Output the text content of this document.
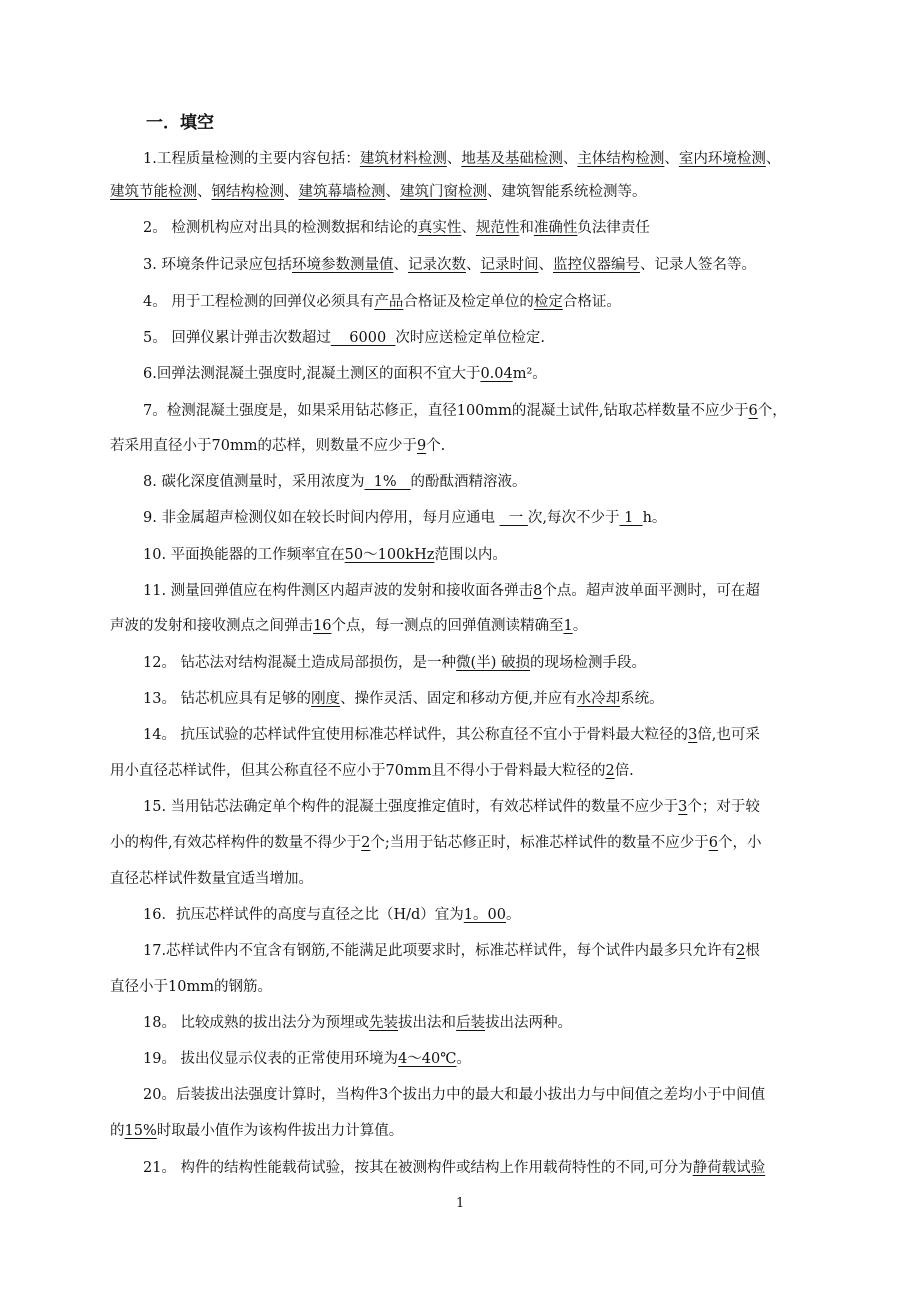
一．填空
1.工程质量检测的主要内容包括：建筑材料检测、地基及基础检测、主体结构检测、室内环境检测、
建筑节能检测、钢结构检测、建筑幕墙检测、建筑门窗检测、建筑智能系统检测等。
2。 检测机构应对出具的检测数据和结论的真实性、规范性和准确性负法律责任
3. 环境条件记录应包括环境参数测量值、记录次数、记录时间、监控仪器编号、记录人签名等。
4。 用于工程检测的回弹仪必须具有产品合格证及检定单位的检定合格证。
5。 回弹仪累计弹击次数超过    6000  次时应送检定单位检定.
6.回弹法测混凝土强度时,混凝土测区的面积不宜大于0.04m²。
7。检测混凝土强度是，如果采用钻芯修正，直径100mm的混凝土试件,钻取芯样数量不应少于6个，
若采用直径小于70mm的芯样，则数量不应少于9个.
8. 碳化深度值测量时，采用浓度为  1%   的酚酞酒精溶液。
9. 非金属超声检测仪如在较长时间内停用，每月应通电   一 次,每次不少于 1  h。
10. 平面换能器的工作频率宜在50～100kHz范围以内。
11. 测量回弹值应在构件测区内超声波的发射和接收面各弹击8个点。超声波单面平测时，可在超
声波的发射和接收测点之间弹击16个点，每一测点的回弹值测读精确至1。
12。 钻芯法对结构混凝土造成局部损伤，是一种微(半) 破损的现场检测手段。
13。 钻芯机应具有足够的刚度、操作灵活、固定和移动方便,并应有水冷却系统。
14。 抗压试验的芯样试件宜使用标准芯样试件，其公称直径不宜小于骨料最大粒径的3倍,也可采
用小直径芯样试件，但其公称直径不应小于70mm且不得小于骨料最大粒径的2倍.
15. 当用钻芯法确定单个构件的混凝土强度推定值时，有效芯样试件的数量不应少于3个；对于较
小的构件,有效芯样构件的数量不得少于2个;当用于钻芯修正时，标准芯样试件的数量不应少于6个，小
直径芯样试件数量宜适当增加。
16．抗压芯样试件的高度与直径之比（H/d）宜为1。00。
17.芯样试件内不宜含有钢筋,不能满足此项要求时，标准芯样试件，每个试件内最多只允许有2根
直径小于10mm的钢筋。
18。 比较成熟的拔出法分为预埋或先装拔出法和后装拔出法两种。
19。 拔出仪显示仪表的正常使用环境为4～40℃。
20。后装拔出法强度计算时，当构件3个拔出力中的最大和最小拔出力与中间值之差均小于中间值
的15%时取最小值作为该构件拔出力计算值。
21。 构件的结构性能载荷试验，按其在被测构件或结构上作用载荷特性的不同,可分为静荷载试验
1
